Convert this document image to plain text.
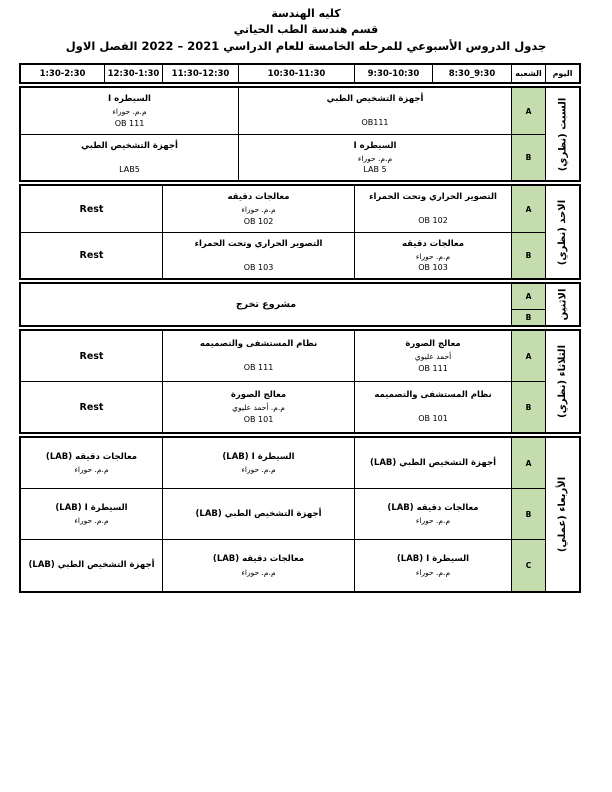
كليه الهندسة
قسم هندسة الطب الحياتي
جدول الدروس الأسبوعي للمرحله الخامسة للعام الدراسي 2021 – 2022 الفصل الاول
اليوم
الشعبه
8:30_9:30
9:30-10:30
10:30-11:30
11:30-12:30
12:30-1:30
1:30-2:30
السبت (نظري)
A
B
أجهزة التشخيص الطبي
OB111
السيطره I
م.م. حوراء
OB 111
السيطره I
م.م. حوراء
LAB 5
أجهزة التشخيص الطبي
LAB5
الاحد (نظري)
A
B
التصوير الحراري وتحت الحمراء
OB 102
معالجات دقيقه
م.م. حوراء
OB 102
Rest
معالجات دقيقه
م.م. حوراء
OB 103
التصوير الحراري وتحت الحمراء
OB 103
Rest
الاثنين
A
B
مشروع تخرج
الثلاثاء (نظري)
A
B
معالج الصورة
أحمد عليوي
OB 111
نظام المستشفى والتصميمه
OB 111
Rest
نظام المستشفى والتصميمه
OB 101
معالج الصورة
م.م. أحمد عليوي
OB 101
Rest
الأربعاء (عملي)
A
B
C
أجهزة التشخيص الطبي (LAB)
السيطرة I ‏(LAB)
م.م. حوراء
معالجات دقيقه (LAB)
م.م. حوراء
معالجات دقيقه (LAB)
م.م. حوراء
أجهزة التشخيص الطبي (LAB)
السيطرة I ‏(LAB)
م.م. حوراء
السيطرة I ‏(LAB)
م.م. حوراء
معالجات دقيقه (LAB)
م.م. حوراء
أجهزة التشخيص الطبي (LAB)
